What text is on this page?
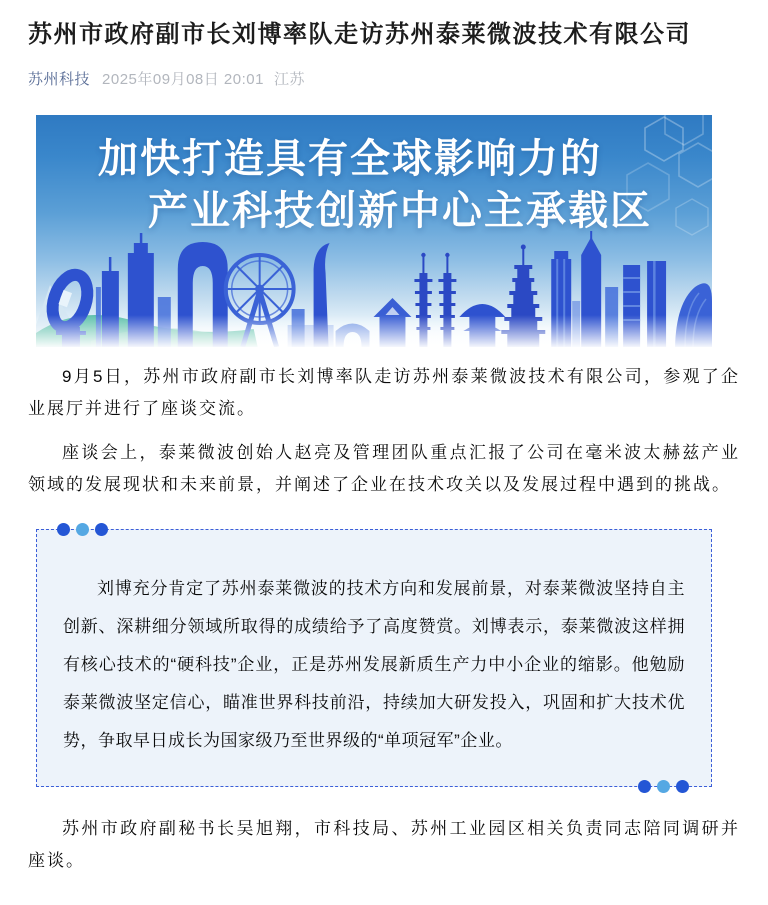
苏州市政府副市长刘博率队走访苏州泰莱微波技术有限公司
苏州科技 2025年09月08日 20:01 江苏
加快打造具有全球影响力的
产业科技创新中心主承载区

9月5日，苏州市政府副市长刘博率队走访苏州泰莱微波技术有限公司，参观了企业展厅并进行了座谈交流。

座谈会上，泰莱微波创始人赵亮及管理团队重点汇报了公司在毫米波太赫兹产业领域的发展现状和未来前景，并阐述了企业在技术攻关以及发展过程中遇到的挑战。

刘博充分肯定了苏州泰莱微波的技术方向和发展前景，对泰莱微波坚持自主创新、深耕细分领域所取得的成绩给予了高度赞赏。刘博表示，泰莱微波这样拥有核心技术的“硬科技”企业，正是苏州发展新质生产力中小企业的缩影。他勉励泰莱微波坚定信心，瞄准世界科技前沿，持续加大研发投入，巩固和扩大技术优势，争取早日成长为国家级乃至世界级的“单项冠军”企业。

苏州市政府副秘书长吴旭翔，市科技局、苏州工业园区相关负责同志陪同调研并座谈。
